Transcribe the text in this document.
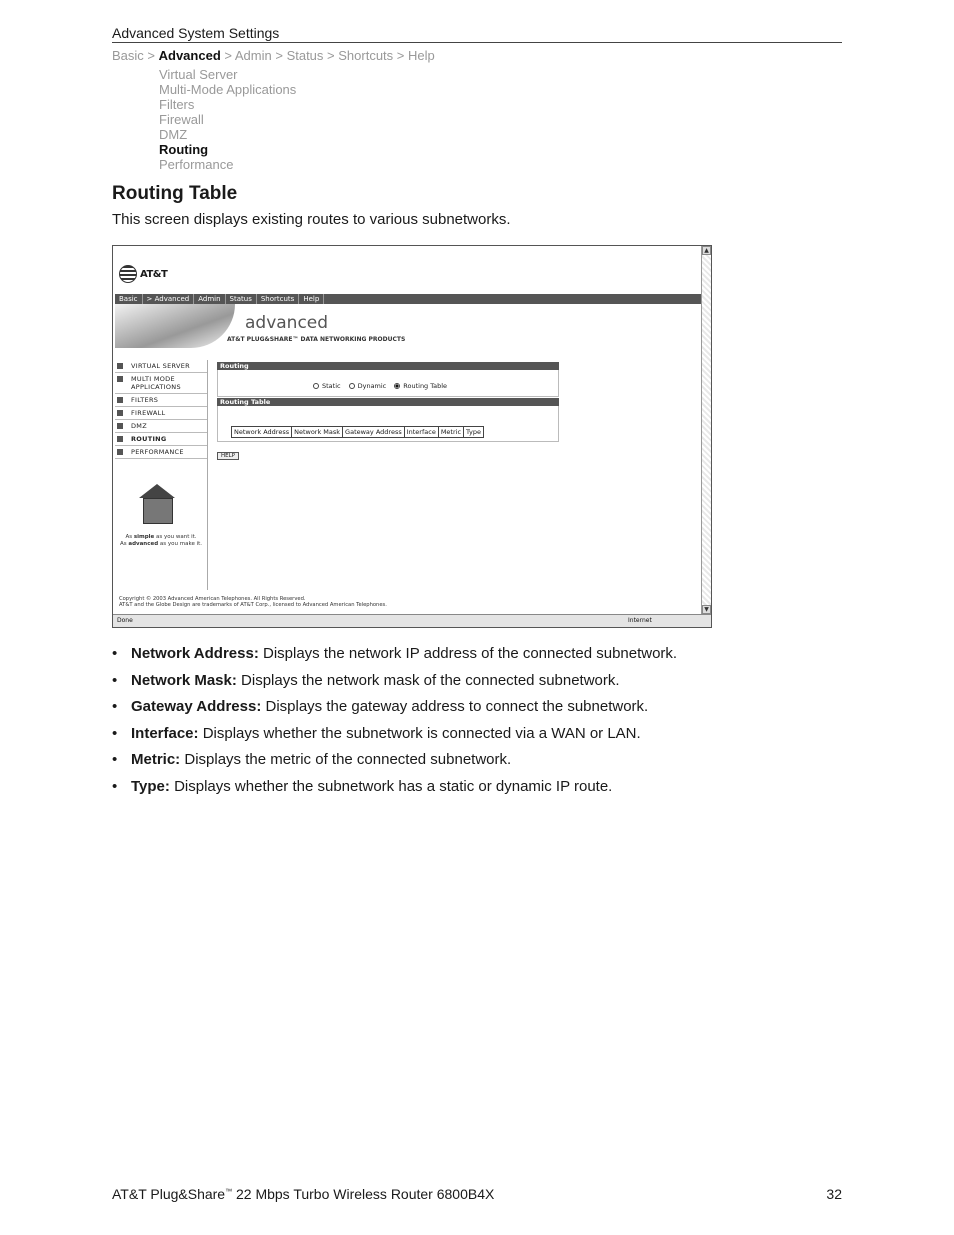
Advanced System Settings
Basic > Advanced > Admin > Status > Shortcuts > Help
Virtual Server
Multi-Mode Applications
Filters
Firewall
DMZ
Routing
Performance
Routing Table
This screen displays existing routes to various subnetworks.
AT&T
Basic	> Advanced	Admin	Status	Shortcuts	Help
advanced
AT&T PLUG&SHARE™ DATA NETWORKING PRODUCTS
VIRTUAL SERVER
MULTI MODE APPLICATIONS
FILTERS
FIREWALL
DMZ
ROUTING
PERFORMANCE
As simple as you want it.
As advanced as you make it.
Routing
Static	Dynamic	Routing Table
Routing Table
Network Address	Network Mask	Gateway Address	Interface	Metric	Type
HELP
Copyright © 2003 Advanced American Telephones. All Rights Reserved.
AT&T and the Globe Design are trademarks of AT&T Corp., licensed to Advanced American Telephones.
▲
▼
Done	Internet
• Network Address: Displays the network IP address of the connected subnetwork.
• Network Mask: Displays the network mask of the connected subnetwork.
• Gateway Address: Displays the gateway address to connect the subnetwork.
• Interface: Displays whether the subnetwork is connected via a WAN or LAN.
• Metric: Displays the metric of the connected subnetwork.
• Type: Displays whether the subnetwork has a static or dynamic IP route.
AT&T Plug&Share™ 22 Mbps Turbo Wireless Router 6800B4X	32
